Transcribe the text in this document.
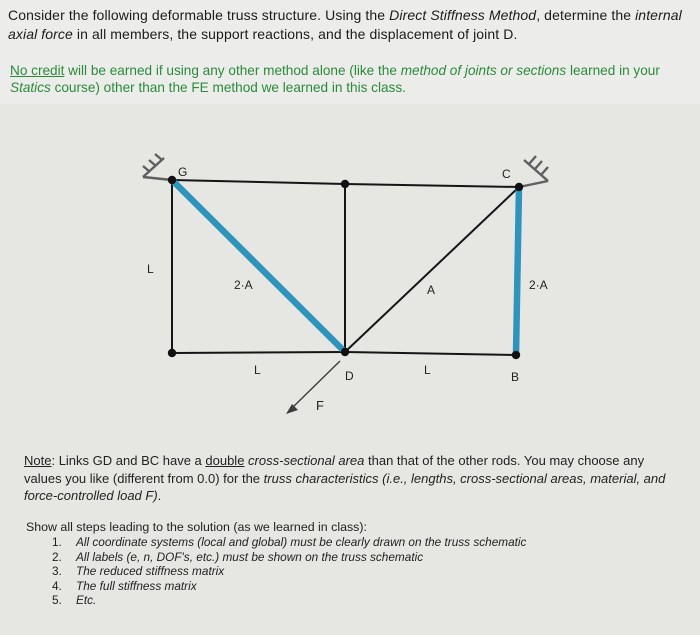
Consider the following deformable truss structure. Using the Direct Stiffness Method, determine the internal axial force in all members, the support reactions, and the displacement of joint D.
No credit will be earned if using any other method alone (like the method of joints or sections learned in your Statics course) other than the FE method we learned in this class.
G	C
L
2·A	A	2·A
L	D	L	B
F
Note: Links GD and BC have a double cross-sectional area than that of the other rods. You may choose any values you like (different from 0.0) for the truss characteristics (i.e., lengths, cross-sectional areas, material, and force-controlled load F).
Show all steps leading to the solution (as we learned in class):
1. All coordinate systems (local and global) must be clearly drawn on the truss schematic
2. All labels (e, n, DOF's, etc.) must be shown on the truss schematic
3. The reduced stiffness matrix
4. The full stiffness matrix
5. Etc.
